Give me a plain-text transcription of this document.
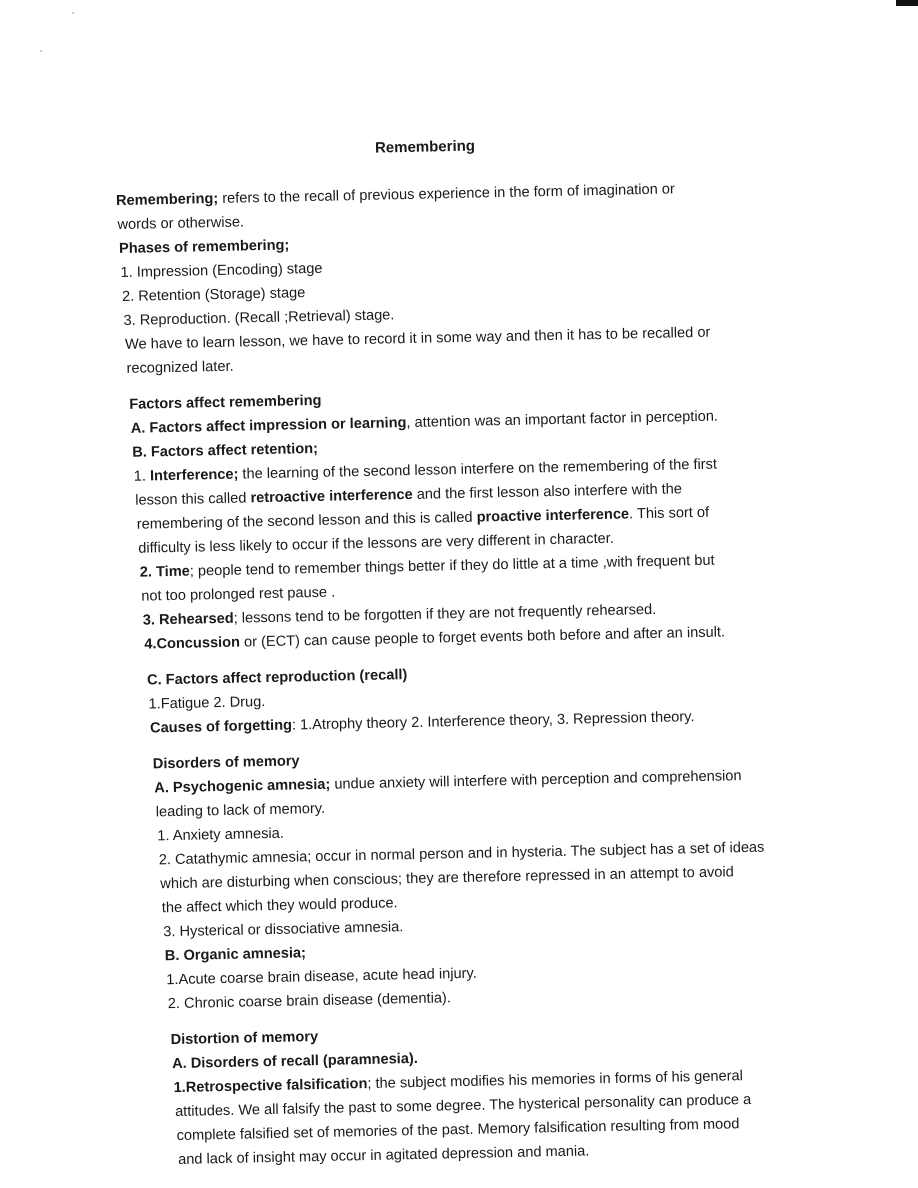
Remembering
Remembering; refers to the recall of previous experience in the form of imagination or
words or otherwise.
Phases of remembering;
1. Impression (Encoding) stage
2. Retention (Storage) stage
3. Reproduction. (Recall ;Retrieval) stage.
We have to learn lesson, we have to record it in some way and then it has to be recalled or
recognized later.
Factors affect remembering
A. Factors affect impression or learning, attention was an important factor in perception.
B. Factors affect retention;
1. Interference; the learning of the second lesson interfere on the remembering of the first
lesson this called retroactive interference and the first lesson also interfere with the
remembering of the second lesson and this is called proactive interference. This sort of
difficulty is less likely to occur if the lessons are very different in character.
2. Time; people tend to remember things better if they do little at a time ,with frequent but
not too prolonged rest pause .
3. Rehearsed; lessons tend to be forgotten if they are not frequently rehearsed.
4.Concussion or (ECT) can cause people to forget events both before and after an insult.
C. Factors affect reproduction (recall)
1.Fatigue 2. Drug.
Causes of forgetting: 1.Atrophy theory 2. Interference theory, 3. Repression theory.
Disorders of memory
A. Psychogenic amnesia; undue anxiety will interfere with perception and comprehension
leading to lack of memory.
1. Anxiety amnesia.
2. Catathymic amnesia; occur in normal person and in hysteria. The subject has a set of ideas
which are disturbing when conscious; they are therefore repressed in an attempt to avoid
the affect which they would produce.
3. Hysterical or dissociative amnesia.
B. Organic amnesia;
1.Acute coarse brain disease, acute head injury.
2. Chronic coarse brain disease (dementia).
Distortion of memory
A. Disorders of recall (paramnesia).
1.Retrospective falsification; the subject modifies his memories in forms of his general
attitudes. We all falsify the past to some degree. The hysterical personality can produce a
complete falsified set of memories of the past. Memory falsification resulting from mood
and lack of insight may occur in agitated depression and mania.
